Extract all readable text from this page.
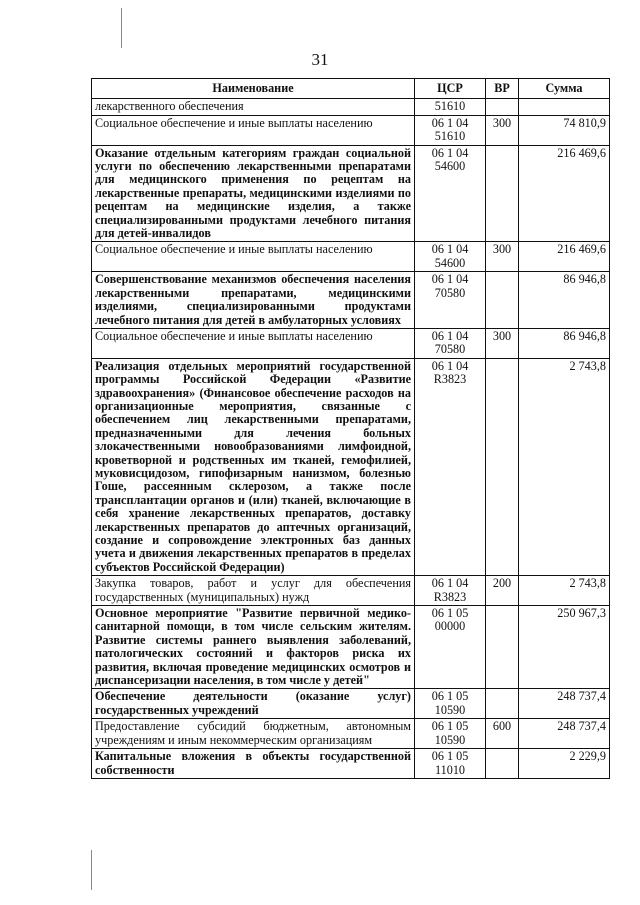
31
Наименование	ЦСР	ВР	Сумма
лекарственного обеспечения	51610		
Социальное обеспечение и иные выплаты населению	06 1 04 51610	300	74 810,9
Оказание отдельным категориям граждан социальной услуги по обеспечению лекарственными препаратами для медицинского применения по рецептам на лекарственные препараты, медицинскими изделиями по рецептам на медицинские изделия, а также специализированными продуктами лечебного питания для детей-инвалидов	06 1 04 54600		216 469,6
Социальное обеспечение и иные выплаты населению	06 1 04 54600	300	216 469,6
Совершенствование механизмов обеспечения населения лекарственными препаратами, медицинскими изделиями, специализированными продуктами лечебного питания для детей в амбулаторных условиях	06 1 04 70580		86 946,8
Социальное обеспечение и иные выплаты населению	06 1 04 70580	300	86 946,8
Реализация отдельных мероприятий государственной программы Российской Федерации «Развитие здравоохранения» (Финансовое обеспечение расходов на организационные мероприятия, связанные с обеспечением лиц лекарственными препаратами, предназначенными для лечения больных злокачественными новообразованиями лимфоидной, кроветворной и родственных им тканей, гемофилией, муковисцидозом, гипофизарным нанизмом, болезнью Гоше, рассеянным склерозом, а также после трансплантации органов и (или) тканей, включающие в себя хранение лекарственных препаратов, доставку лекарственных препаратов до аптечных организаций, создание и сопровождение электронных баз данных учета и движения лекарственных препаратов в пределах субъектов Российской Федерации)	06 1 04 R3823		2 743,8
Закупка товаров, работ и услуг для обеспечения государственных (муниципальных) нужд	06 1 04 R3823	200	2 743,8
Основное мероприятие "Развитие первичной медико-санитарной помощи, в том числе сельским жителям. Развитие системы раннего выявления заболеваний, патологических состояний и факторов риска их развития, включая проведение медицинских осмотров и диспансеризации населения, в том числе у детей"	06 1 05 00000		250 967,3
Обеспечение деятельности (оказание услуг) государственных учреждений	06 1 05 10590		248 737,4
Предоставление субсидий бюджетным, автономным учреждениям и иным некоммерческим организациям	06 1 05 10590	600	248 737,4
Капитальные вложения в объекты государственной собственности	06 1 05 11010		2 229,9
